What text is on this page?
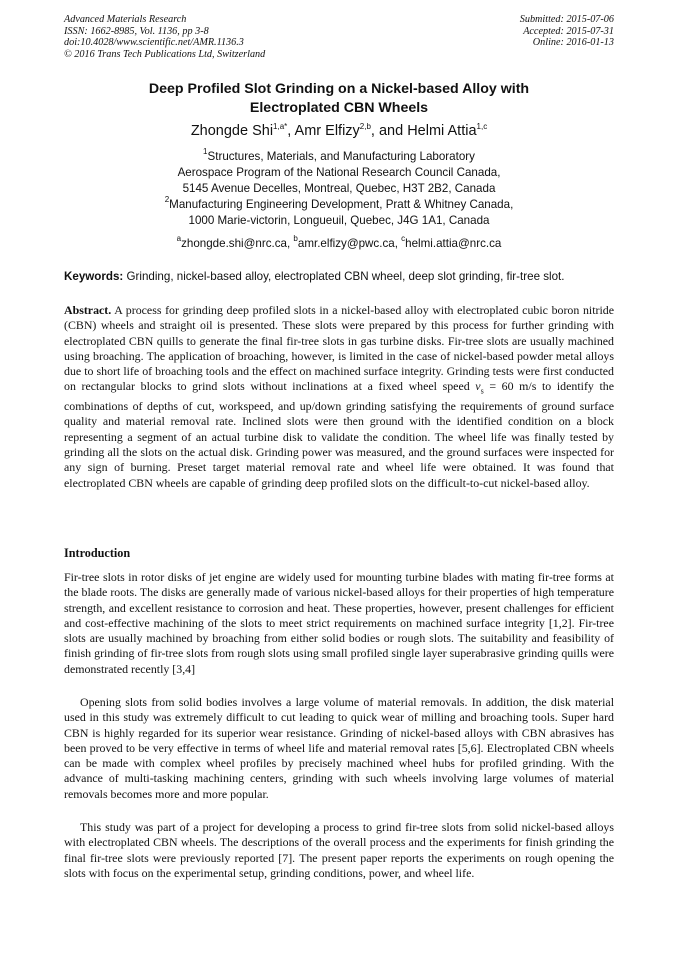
Advanced Materials Research
ISSN: 1662-8985, Vol. 1136, pp 3-8
doi:10.4028/www.scientific.net/AMR.1136.3
© 2016 Trans Tech Publications Ltd, Switzerland
Submitted: 2015-07-06
Accepted: 2015-07-31
Online: 2016-01-13
Deep Profiled Slot Grinding on a Nickel-based Alloy with
Electroplated CBN Wheels
Zhongde Shi$^{1,a*}$, Amr Elfizy$^{2,b}$, and Helmi Attia$^{1,c}$
$^1$Structures, Materials, and Manufacturing Laboratory
Aerospace Program of the National Research Council Canada,
5145 Avenue Decelles, Montreal, Quebec, H3T 2B2, Canada
$^2$Manufacturing Engineering Development, Pratt & Whitney Canada,
1000 Marie-victorin, Longueuil, Quebec, J4G 1A1, Canada
$^a$zhongde.shi@nrc.ca, $^b$amr.elfizy@pwc.ca, $^c$helmi.attia@nrc.ca
Keywords: Grinding, nickel-based alloy, electroplated CBN wheel, deep slot grinding, fir-tree slot.

Abstract. A process for grinding deep profiled slots in a nickel-based alloy with electroplated cubic boron nitride (CBN) wheels and straight oil is presented. These slots were prepared by this process for further grinding with electroplated CBN quills to generate the final fir-tree slots in gas turbine disks. Fir-tree slots are usually machined using broaching. The application of broaching, however, is limited in the case of nickel-based powder metal alloys due to short life of broaching tools and the effect on machined surface integrity. Grinding tests were first conducted on rectangular blocks to grind slots without inclinations at a fixed wheel speed $v_s = 60$ m/s to identify the combinations of depths of cut, workspeed, and up/down grinding satisfying the requirements of ground surface quality and material removal rate. Inclined slots were then ground with the identified condition on a block representing a segment of an actual turbine disk to validate the condition. The wheel life was finally tested by grinding all the slots on the actual disk. Grinding power was measured, and the ground surfaces were inspected for any sign of burning. Preset target material removal rate and wheel life were obtained. It was found that electroplated CBN wheels are capable of grinding deep profiled slots on the difficult-to-cut nickel-based alloy.

Introduction

Fir-tree slots in rotor disks of jet engine are widely used for mounting turbine blades with mating fir-tree forms at the blade roots. The disks are generally made of various nickel-based alloys for their properties of high temperature strength, and excellent resistance to corrosion and heat. These properties, however, present challenges for efficient and cost-effective machining of the slots to meet strict requirements on machined surface integrity [1,2]. Fir-tree slots are usually machined by broaching from either solid bodies or rough slots. The suitability and feasibility of finish grinding of fir-tree slots from rough slots using small profiled single layer superabrasive grinding quills were demonstrated recently [3,4]

Opening slots from solid bodies involves a large volume of material removals. In addition, the disk material used in this study was extremely difficult to cut leading to quick wear of milling and broaching tools. Super hard CBN is highly regarded for its superior wear resistance. Grinding of nickel-based alloys with CBN abrasives has been proved to be very effective in terms of wheel life and material removal rates [5,6]. Electroplated CBN wheels can be made with complex wheel profiles by precisely machined wheel hubs for profiled grinding. With the advance of multi-tasking machining centers, grinding with such wheels involving large volumes of material removals becomes more and more popular.

This study was part of a project for developing a process to grind fir-tree slots from solid nickel-based alloys with electroplated CBN wheels. The descriptions of the overall process and the experiments for finish grinding the final fir-tree slots were previously reported [7]. The present paper reports the experiments on rough opening the slots with focus on the experimental setup, grinding conditions, power, and wheel life.
